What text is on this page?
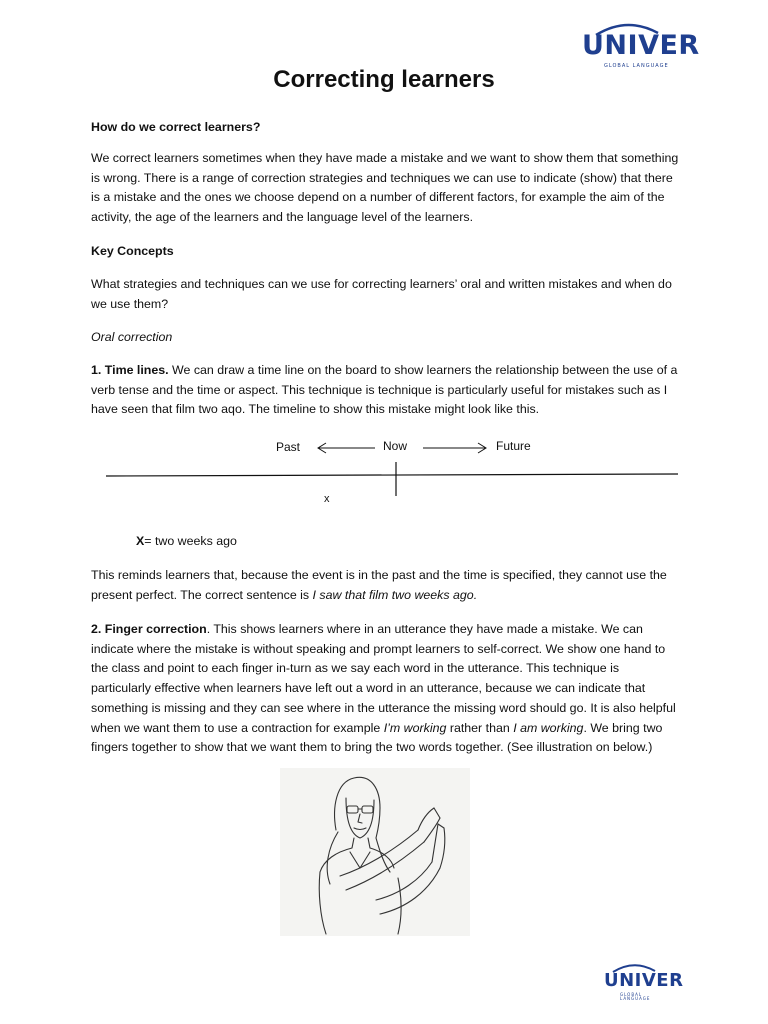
UNIVER
GLOBAL LANGUAGE
Correcting learners

How do we correct learners?

We correct learners sometimes when they have made a mistake and we want to show them that something is wrong. There is a range of correction strategies and techniques we can use to indicate (show) that there is a mistake and the ones we choose depend on a number of different factors, for example the aim of the activity, the age of the learners and the language level of the learners.

Key Concepts

What strategies and techniques can we use for correcting learners’ oral and written mistakes and when do we use them?

Oral correction

1. Time lines. We can draw a time line on the board to show learners the relationship between the use of a verb tense and the time or aspect. This technique is technique is particularly useful for mistakes such as I have seen that film two aqo. The timeline to show this mistake might look like this.

Past	Now	Future
x
X= two weeks ago

This reminds learners that, because the event is in the past and the time is specified, they cannot use the present perfect. The correct sentence is I saw that film two weeks ago.

2. Finger correction. This shows learners where in an utterance they have made a mistake. We can indicate where the mistake is without speaking and prompt learners to self-correct. We show one hand to the class and point to each finger in-turn as we say each word in the utterance. This technique is particularly effective when learners have left out a word in an utterance, because we can indicate that something is missing and they can see where in the utterance the missing word should go. It is also helpful when we want them to use a contraction for example I’m working rather than I am working. We bring two fingers together to show that we want them to bring the two words together. (See illustration on below.)

UNIVER
GLOBAL LANGUAGE
